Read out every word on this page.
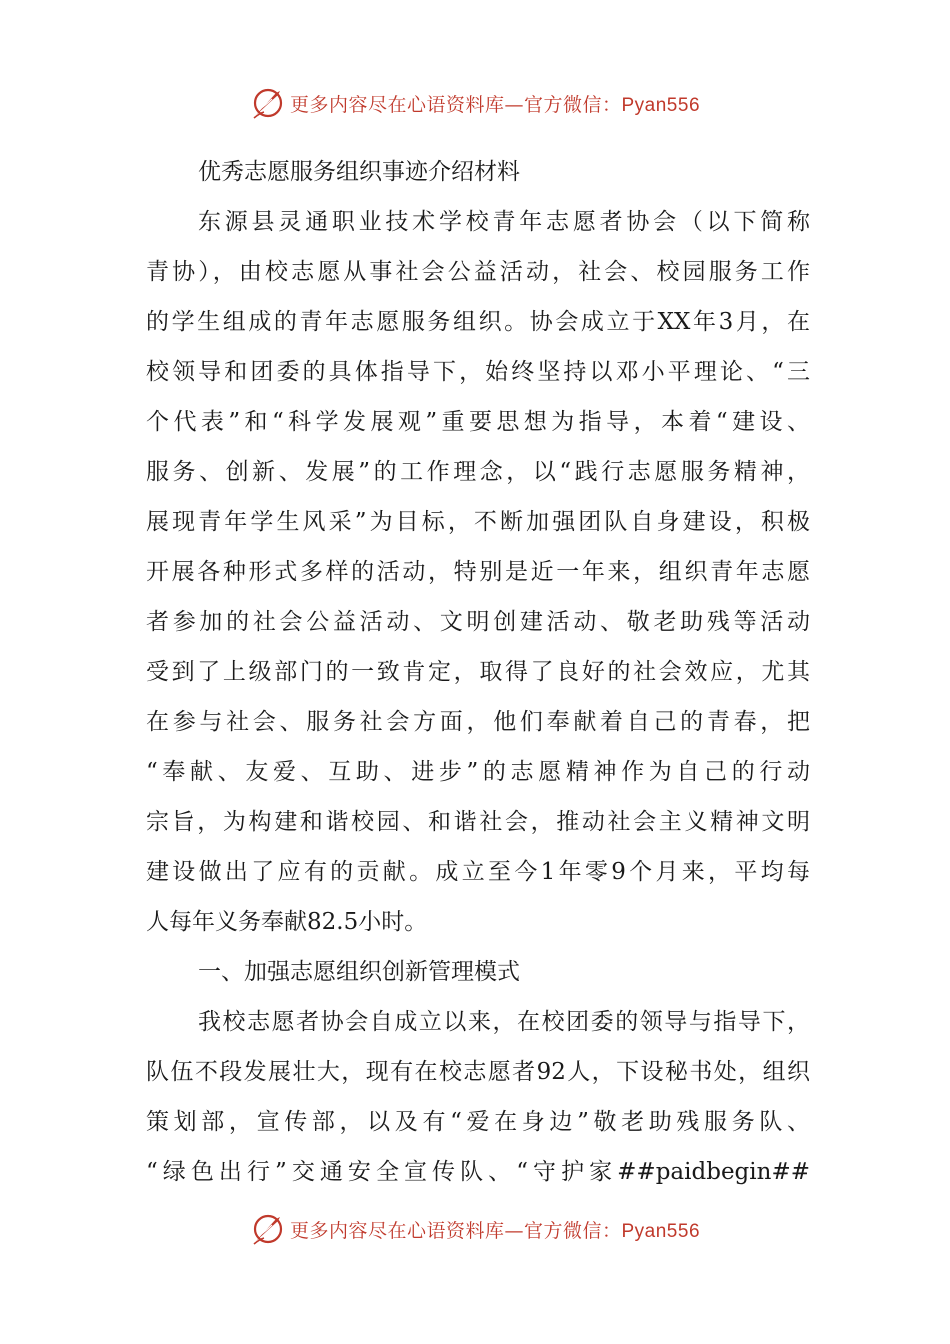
更多内容尽在心语资料库—官方微信：Pyan556
优秀志愿服务组织事迹介绍材料
东源县灵通职业技术学校青年志愿者协会（以下简称
青协），由校志愿从事社会公益活动，社会、校园服务工作
的学生组成的青年志愿服务组织。协会成立于XX年3月，在
校领导和团委的具体指导下，始终坚持以邓小平理论、“三
个代表”和“科学发展观”重要思想为指导，本着“建设、
服务、创新、发展”的工作理念，以“践行志愿服务精神，
展现青年学生风采”为目标，不断加强团队自身建设，积极
开展各种形式多样的活动，特别是近一年来，组织青年志愿
者参加的社会公益活动、文明创建活动、敬老助残等活动
受到了上级部门的一致肯定，取得了良好的社会效应，尤其
在参与社会、服务社会方面，他们奉献着自己的青春，把
“奉献、友爱、互助、进步”的志愿精神作为自己的行动
宗旨，为构建和谐校园、和谐社会，推动社会主义精神文明
建设做出了应有的贡献。成立至今1年零9个月来，平均每
人每年义务奉献82.5小时。
一、加强志愿组织创新管理模式
我校志愿者协会自成立以来，在校团委的领导与指导下，
队伍不段发展壮大，现有在校志愿者92人，下设秘书处，组织
策划部，宣传部，以及有“爱在身边”敬老助残服务队、
“绿色出行”交通安全宣传队、“守护家##paidbegin##
更多内容尽在心语资料库—官方微信：Pyan556
